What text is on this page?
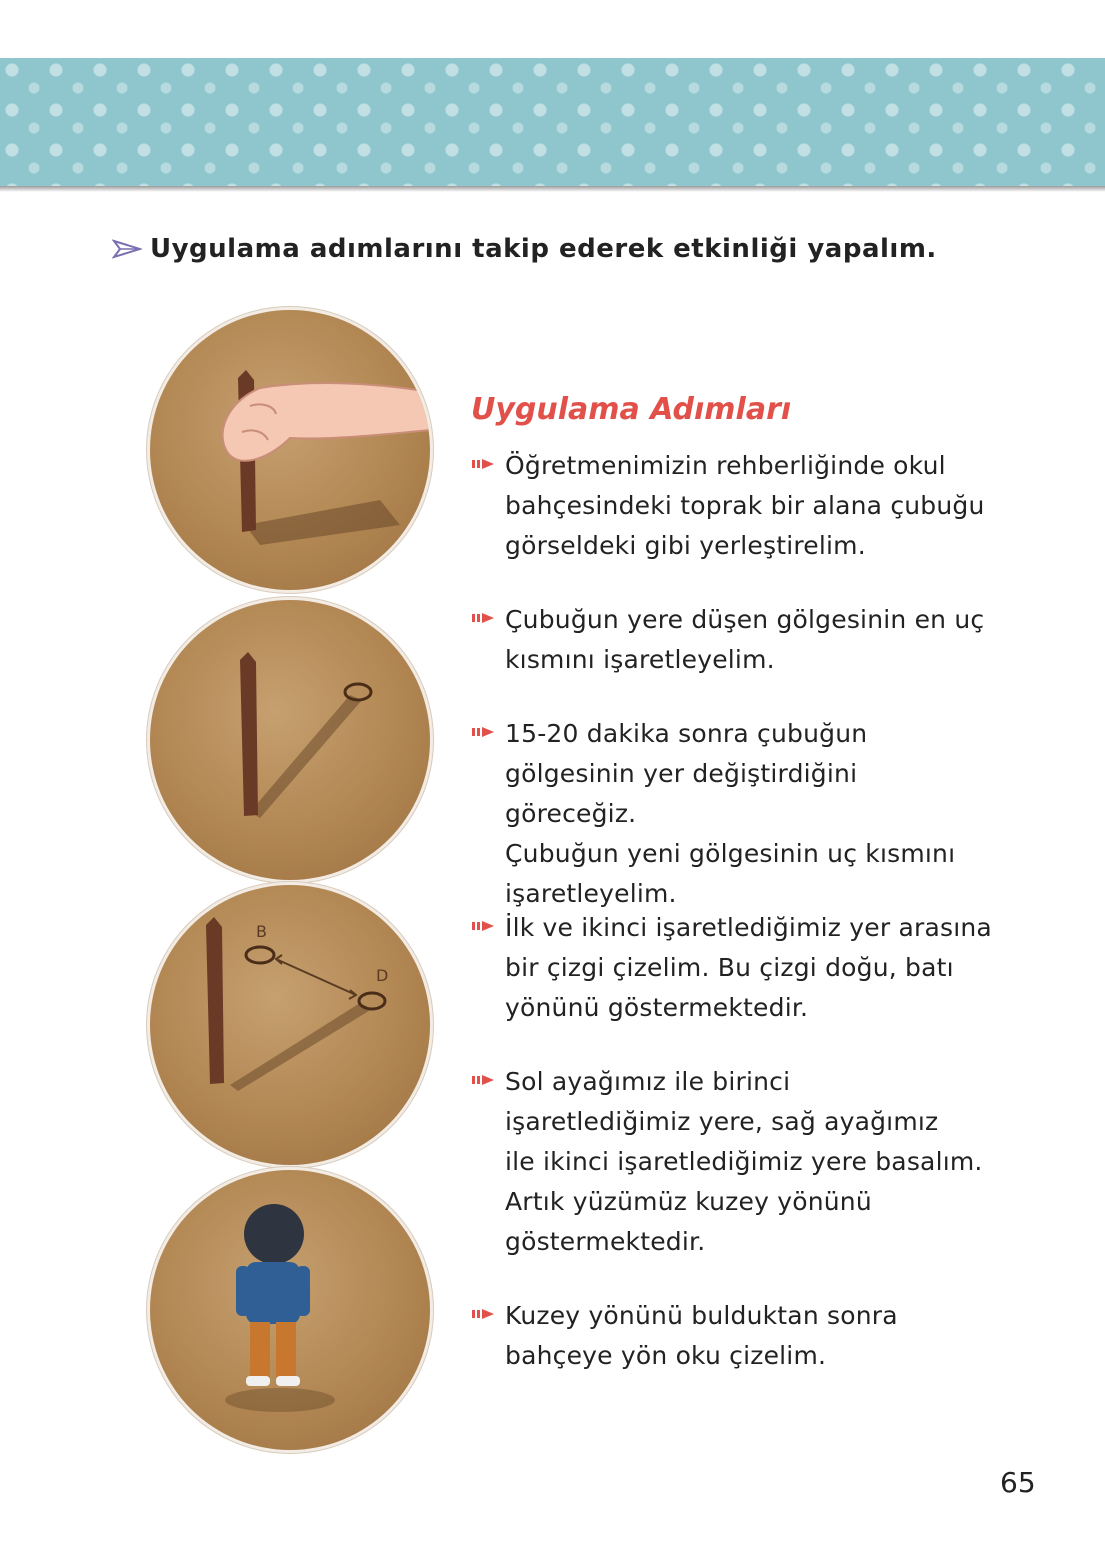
Uygulama adımlarını takip ederek etkinliği yapalım.
B
D
Uygulama Adımları
Öğretmenimizin rehberliğinde okul
bahçesindeki toprak bir alana çubuğu
görseldeki gibi yerleştirelim.
Çubuğun yere düşen gölgesinin en uç
kısmını işaretleyelim.
15-20 dakika sonra çubuğun
gölgesinin yer değiştirdiğini göreceğiz.
Çubuğun yeni gölgesinin uç kısmını
işaretleyelim.
İlk ve ikinci işaretlediğimiz yer arasına
bir çizgi çizelim. Bu çizgi doğu, batı
yönünü göstermektedir.
Sol ayağımız ile birinci
işaretlediğimiz yere, sağ ayağımız
ile ikinci işaretlediğimiz yere basalım.
Artık yüzümüz kuzey yönünü
göstermektedir.
Kuzey yönünü bulduktan sonra
bahçeye yön oku çizelim.
65
